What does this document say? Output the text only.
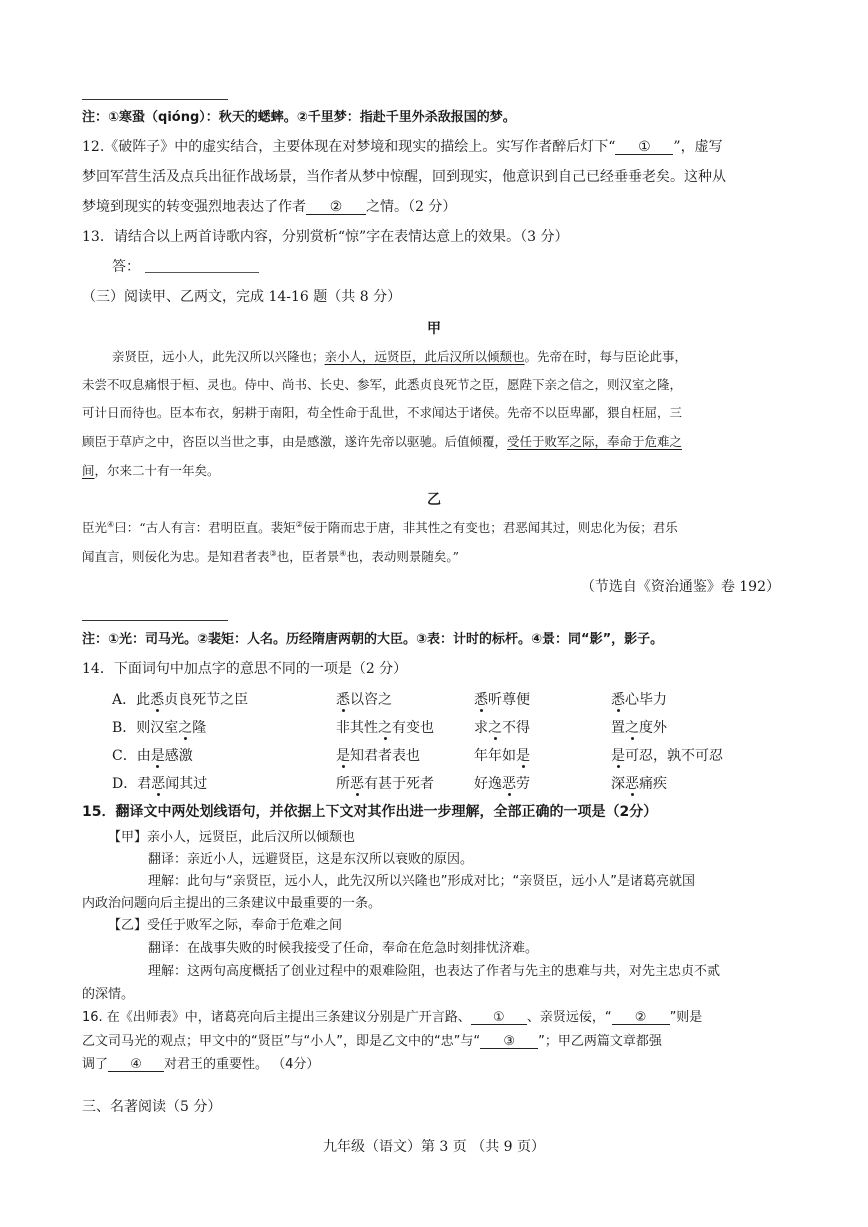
注：①寒蛩（qióng）：秋天的蟋蟀。②千里梦：指赴千里外杀敌报国的梦。
12.《破阵子》中的虚实结合，主要体现在对梦境和现实的描绘上。实写作者醉后灯下“ ① ”，虚写
梦回军营生活及点兵出征作战场景，当作者从梦中惊醒，回到现实，他意识到自己已经垂垂老矣。这种从
梦境到现实的转变强烈地表达了作者 ② 之情。（2 分）
13．请结合以上两首诗歌内容，分别赏析“惊”字在表情达意上的效果。（3 分）
答：
（三）阅读甲、乙两文，完成 14-16 题（共 8 分）
甲
亲贤臣，远小人，此先汉所以兴隆也；亲小人，远贤臣，此后汉所以倾颓也。先帝在时，每与臣论此事，
未尝不叹息痛恨于桓、灵也。侍中、尚书、长史、参军，此悉贞良死节之臣，愿陛下亲之信之，则汉室之隆，
可计日而待也。臣本布衣，躬耕于南阳，苟全性命于乱世，不求闻达于诸侯。先帝不以臣卑鄙，猥自枉屈，三
顾臣于草庐之中，咨臣以当世之事，由是感激，遂许先帝以驱驰。后值倾覆，受任于败军之际，奉命于危难之
间，尔来二十有一年矣。
乙
臣光④曰：“古人有言：君明臣直。裴矩②佞于隋而忠于唐，非其性之有变也；君恶闻其过，则忠化为佞；君乐
闻直言，则佞化为忠。是知君者表③也，臣者景④也，表动则景随矣。”
（节选自《资治通鉴》卷 192）
注：①光：司马光。②裴矩：人名。历经隋唐两朝的大臣。③表：计时的标杆。④景：同“影”，影子。
14．下面词句中加点字的意思不同的一项是（2 分）
A．此悉贞良死节之臣	悉以咨之	悉听尊便	悉心毕力
B．则汉室之隆	非其性之有变也	求之不得	置之度外
C．由是感激	是知君者表也	年年如是	是可忍，孰不可忍
D．君恶闻其过	所恶有甚于死者	好逸恶劳	深恶痛疾
15．翻译文中两处划线语句，并依据上下文对其作出进一步理解，全部正确的一项是（2分）
【甲】亲小人，远贤臣，此后汉所以倾颓也
翻译：亲近小人，远避贤臣，这是东汉所以衰败的原因。
理解：此句与“亲贤臣，远小人，此先汉所以兴隆也”形成对比；“亲贤臣，远小人”是诸葛亮就国
内政治问题向后主提出的三条建议中最重要的一条。
【乙】受任于败军之际，奉命于危难之间
翻译：在战事失败的时候我接受了任命，奉命在危急时刻排忧济难。
理解：这两句高度概括了创业过程中的艰难险阻，也表达了作者与先主的患难与共，对先主忠贞不贰
的深情。
16. 在《出师表》中，诸葛亮向后主提出三条建议分别是广开言路、 ① 、亲贤远佞，“ ② ”则是
乙文司马光的观点；甲文中的“贤臣”与“小人”，即是乙文中的“忠”与“ ③ ”；甲乙两篇文章都强
调了 ④ 对君王的重要性。 （4分）
三、名著阅读（5 分）
九年级（语文）第 3 页 （共 9 页）
